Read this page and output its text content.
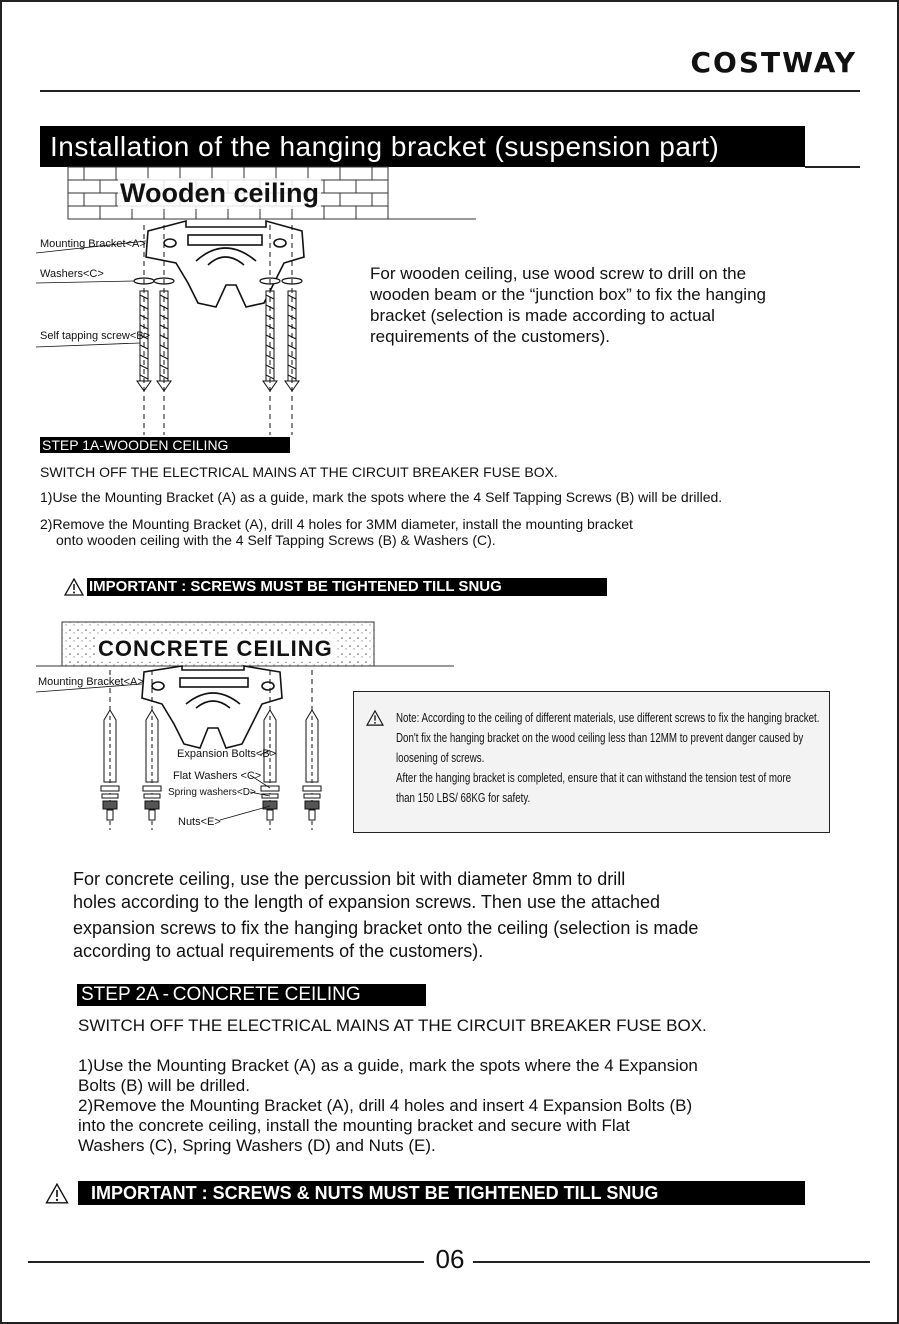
COSTWAY
Installation of the hanging bracket (suspension part)
Wooden ceiling
Mounting Bracket<A>
Washers<C>
Self tapping screw<B>
For wooden ceiling, use wood screw to drill on the
wooden beam or the “junction box” to fix the hanging
bracket (selection is made according to actual
requirements of the customers).
STEP 1A-WOODEN CEILING
SWITCH OFF THE ELECTRICAL MAINS AT THE CIRCUIT BREAKER FUSE BOX.
1)Use the Mounting Bracket (A) as a guide, mark the spots where the 4 Self Tapping Screws (B) will be drilled.
2)Remove the Mounting Bracket (A), drill 4 holes for 3MM diameter, install the mounting bracket
onto wooden ceiling with the 4 Self Tapping Screws (B) & Washers (C).
IMPORTANT : SCREWS MUST BE TIGHTENED TILL SNUG
CONCRETE CEILING
Mounting Bracket<A>
Expansion Bolts<B>
Flat Washers <C>
Spring washers<D>
Nuts<E>
Note: According to the ceiling of different materials, use different screws to fix the hanging bracket.
Don't fix the hanging bracket on the wood ceiling less than 12MM to prevent danger caused by
loosening of screws.
After the hanging bracket is completed, ensure that it can withstand the tension test of more
than 150 LBS/ 68KG for safety.
For concrete ceiling, use the percussion bit with diameter 8mm to drill
holes according to the length of expansion screws. Then use the attached
expansion screws to fix the hanging bracket onto the ceiling (selection is made
according to actual requirements of the customers).
STEP 2A - CONCRETE CEILING
SWITCH OFF THE ELECTRICAL MAINS AT THE CIRCUIT BREAKER FUSE BOX.
1)Use the Mounting Bracket (A) as a guide, mark the spots where the 4 Expansion
Bolts (B) will be drilled.
2)Remove the Mounting Bracket (A), drill 4 holes and insert 4 Expansion Bolts (B)
into the concrete ceiling, install the mounting bracket and secure with Flat
Washers (C), Spring Washers (D) and Nuts (E).
IMPORTANT : SCREWS & NUTS MUST BE TIGHTENED TILL SNUG
06
